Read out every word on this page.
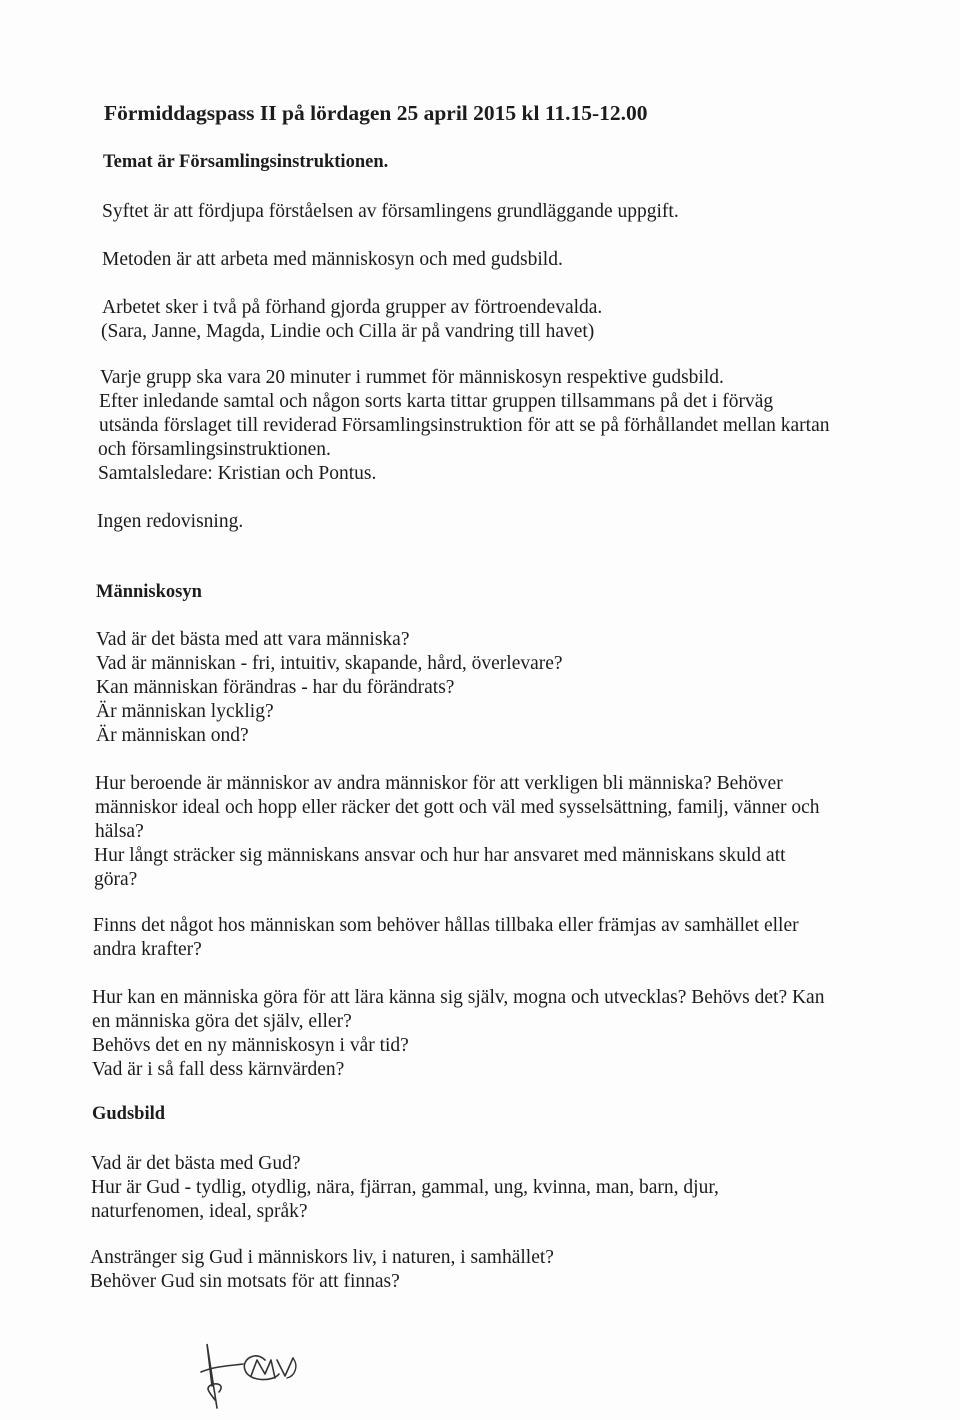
Förmiddagspass II på lördagen 25 april 2015 kl 11.15-12.00

Temat är Församlingsinstruktionen.

Syftet är att fördjupa förståelsen av församlingens grundläggande uppgift.

Metoden är att arbeta med människosyn och med gudsbild.

Arbetet sker i två på förhand gjorda grupper av förtroendevalda.

(Sara, Janne, Magda, Lindie och Cilla är på vandring till havet)

Varje grupp ska vara 20 minuter i rummet för människosyn respektive gudsbild.

Efter inledande samtal och någon sorts karta tittar gruppen tillsammans på det i förväg

utsända förslaget till reviderad Församlingsinstruktion för att se på förhållandet mellan kartan

och församlingsinstruktionen.

Samtalsledare: Kristian och Pontus.

Ingen redovisning.

Människosyn

Vad är det bästa med att vara människa?

Vad är människan - fri, intuitiv, skapande, hård, överlevare?

Kan människan förändras - har du förändrats?

Är människan lycklig?

Är människan ond?

Hur beroende är människor av andra människor för att verkligen bli människa? Behöver

människor ideal och hopp eller räcker det gott och väl med sysselsättning, familj, vänner och

hälsa?

Hur långt sträcker sig människans ansvar och hur har ansvaret med människans skuld att

göra?

Finns det något hos människan som behöver hållas tillbaka eller främjas av samhället eller

andra krafter?

Hur kan en människa göra för att lära känna sig själv, mogna och utvecklas? Behövs det? Kan

en människa göra det själv, eller?

Behövs det en ny människosyn i vår tid?

Vad är i så fall dess kärnvärden?

Gudsbild

Vad är det bästa med Gud?

Hur är Gud - tydlig, otydlig, nära, fjärran, gammal, ung, kvinna, man, barn, djur,

naturfenomen, ideal, språk?

Anstränger sig Gud i människors liv, i naturen, i samhället?

Behöver Gud sin motsats för att finnas?
